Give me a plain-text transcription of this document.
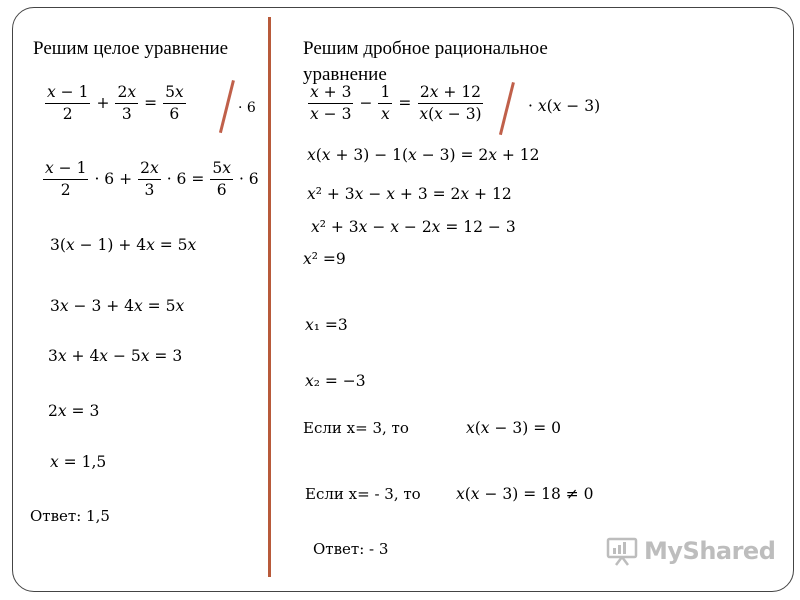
Решим целое уравнение
$\frac{\text{𝑥 − 1}}{2} + \frac{\text{2𝑥}}{3} = \frac{\text{5𝑥}}{6}$	· 6
$\frac{\text{𝑥 − 1}}{2} \cdot 6 + \frac{\text{2𝑥}}{3} \cdot 6 = \frac{\text{5𝑥}}{6} \cdot 6$
3(𝑥 − 1) + 4𝑥 = 5𝑥
3𝑥 − 3 + 4𝑥 = 5𝑥
3𝑥 + 4𝑥 − 5𝑥 = 3
2𝑥 = 3
𝑥 = 1,5
Ответ: 1,5
Решим дробное рациональное
уравнение
$\frac{\text{𝑥 + 3}}{\text{𝑥 − 3}} - \frac{1}{\text{𝑥}} = \frac{\text{2𝑥 + 12}}{\text{𝑥(𝑥 − 3)}}$	· 𝑥(𝑥 − 3)
𝑥(𝑥 + 3) − 1(𝑥 − 3) = 2𝑥 + 12
𝑥² + 3𝑥 − 𝑥 + 3 = 2𝑥 + 12
𝑥² + 3𝑥 − 𝑥 − 2𝑥 = 12 − 3
𝑥² =9
𝑥₁ =3
𝑥₂ = −3
Если x= 3, то	𝑥(𝑥 − 3) = 0
Если x= - 3, то 𝑥(𝑥 − 3) = 18 ≠ 0
Ответ: - 3	MyShared
